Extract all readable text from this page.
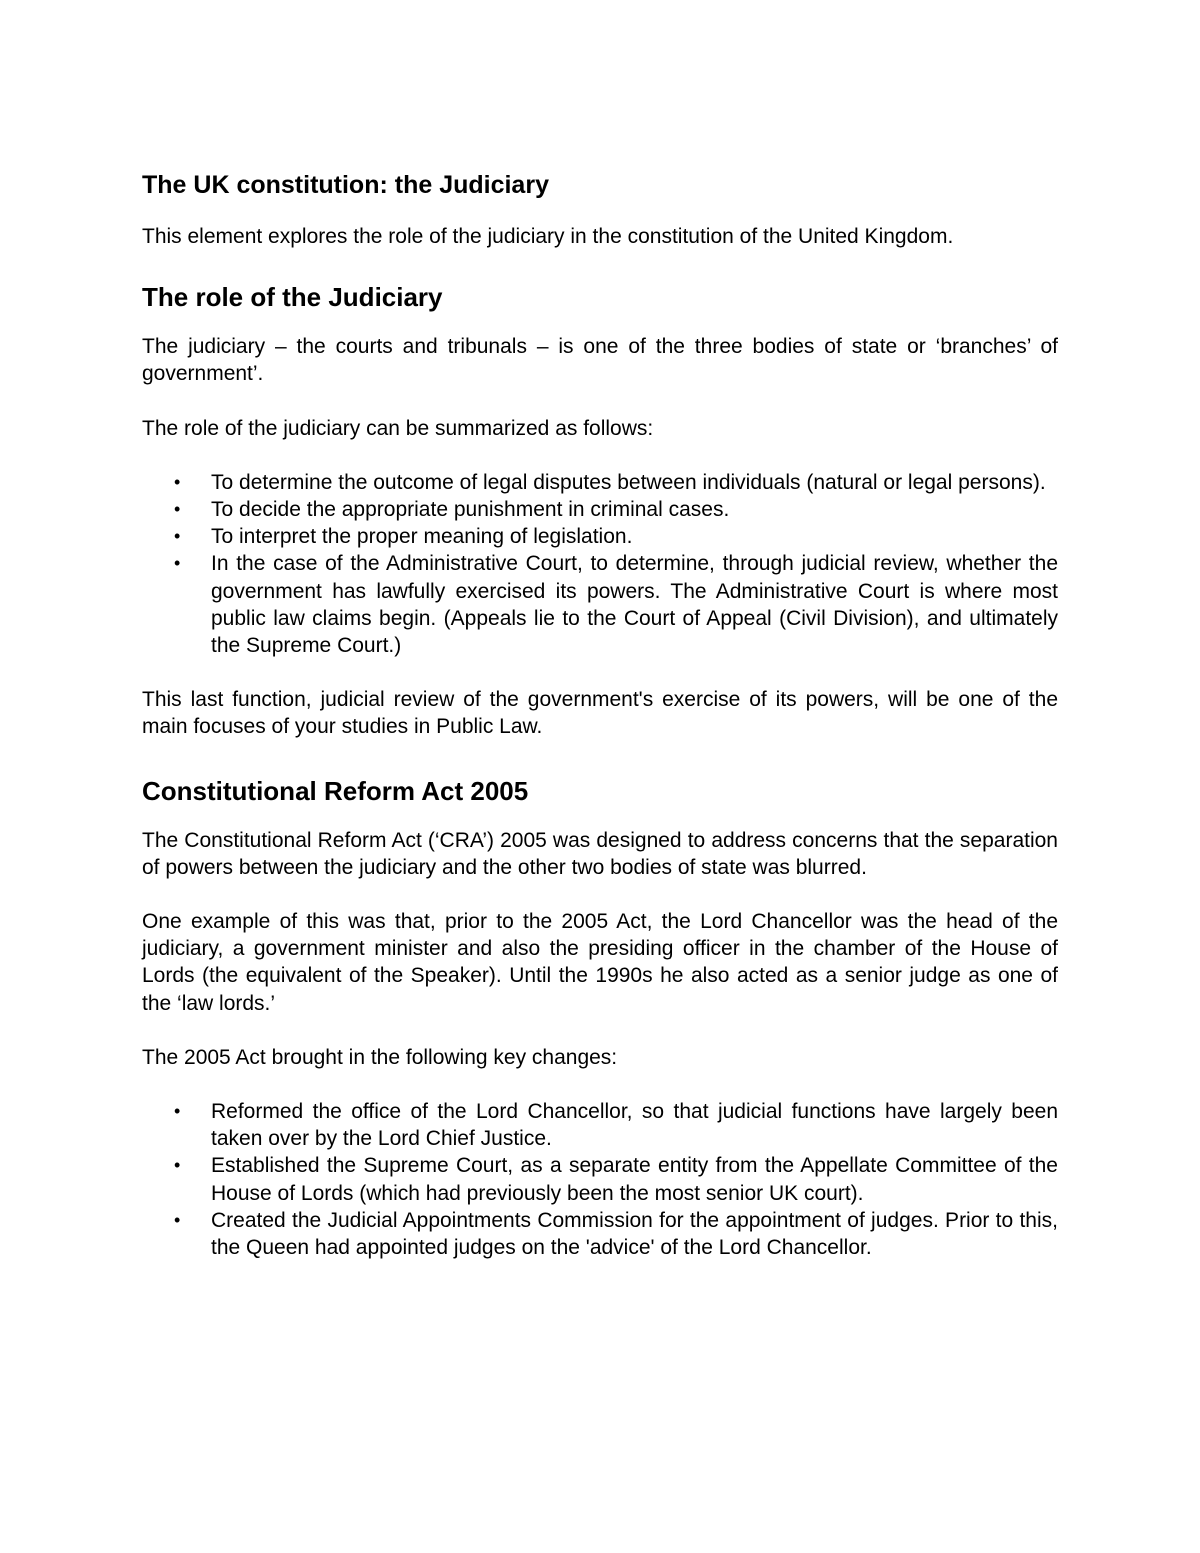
The UK constitution: the Judiciary

This element explores the role of the judiciary in the constitution of the United Kingdom.

The role of the Judiciary

The judiciary – the courts and tribunals – is one of the three bodies of state or ‘branches’ of government’.

The role of the judiciary can be summarized as follows:

• To determine the outcome of legal disputes between individuals (natural or legal persons).
• To decide the appropriate punishment in criminal cases.
• To interpret the proper meaning of legislation.
• In the case of the Administrative Court, to determine, through judicial review, whether the government has lawfully exercised its powers. The Administrative Court is where most public law claims begin. (Appeals lie to the Court of Appeal (Civil Division), and ultimately the Supreme Court.)

This last function, judicial review of the government's exercise of its powers, will be one of the main focuses of your studies in Public Law.

Constitutional Reform Act 2005

The Constitutional Reform Act (‘CRA’) 2005 was designed to address concerns that the separation of powers between the judiciary and the other two bodies of state was blurred.

One example of this was that, prior to the 2005 Act, the Lord Chancellor was the head of the judiciary, a government minister and also the presiding officer in the chamber of the House of Lords (the equivalent of the Speaker). Until the 1990s he also acted as a senior judge as one of the ‘law lords.’

The 2005 Act brought in the following key changes:

• Reformed the office of the Lord Chancellor, so that judicial functions have largely been taken over by the Lord Chief Justice.
• Established the Supreme Court, as a separate entity from the Appellate Committee of the House of Lords (which had previously been the most senior UK court).
• Created the Judicial Appointments Commission for the appointment of judges. Prior to this, the Queen had appointed judges on the 'advice' of the Lord Chancellor.
